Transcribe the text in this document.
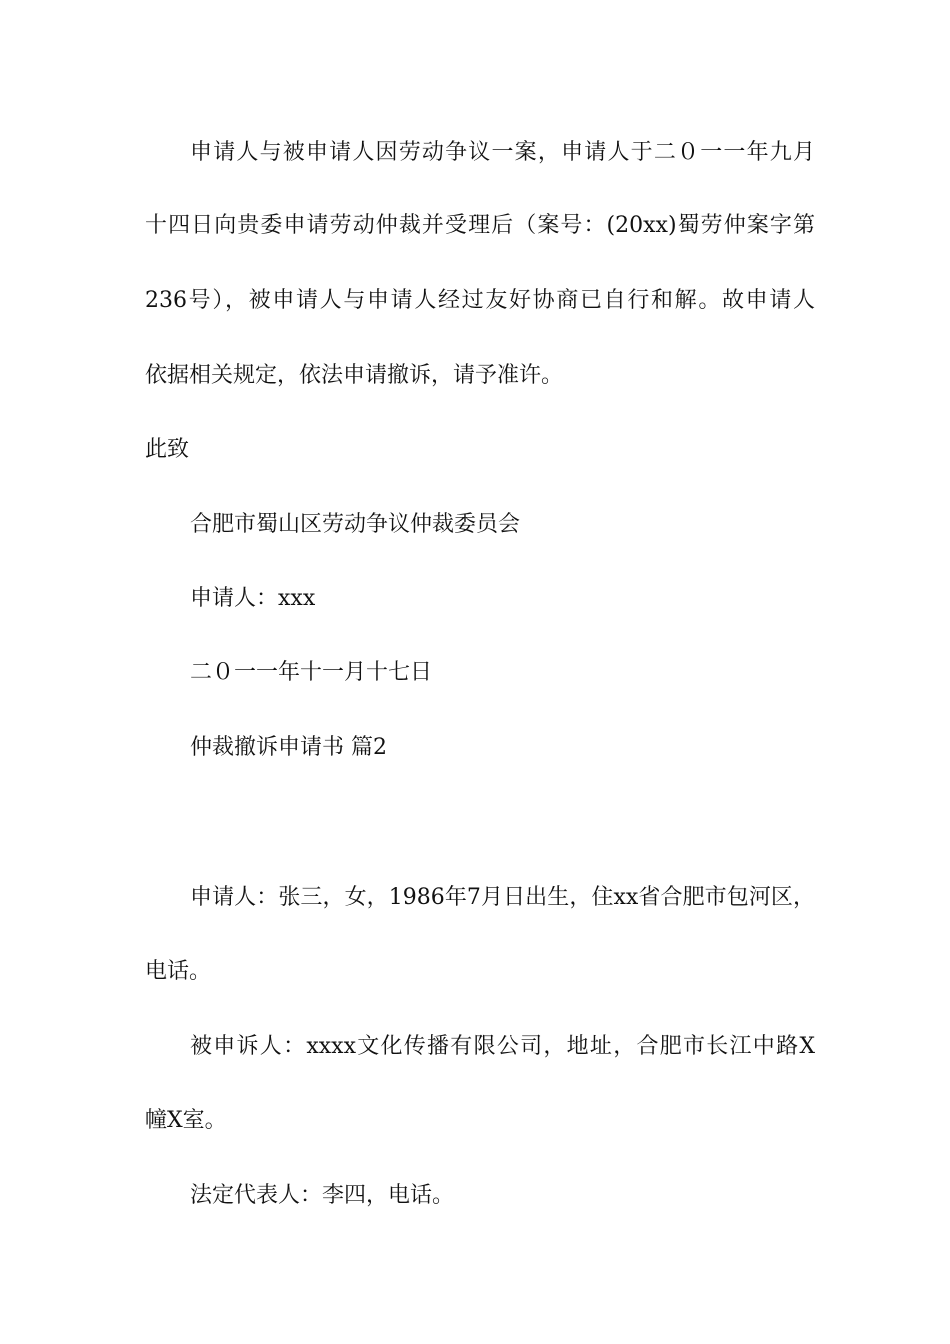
申请人与被申请人因劳动争议一案，申请人于二０一一年九月
十四日向贵委申请劳动仲裁并受理后（案号：(20xx)蜀劳仲案字第
236号），被申请人与申请人经过友好协商已自行和解。故申请人
依据相关规定，依法申请撤诉，请予准许。
此致
合肥市蜀山区劳动争议仲裁委员会
申请人：xxx
二０一一年十一月十七日
仲裁撤诉申请书 篇2
申请人：张三，女，1986年7月日出生，住xx省合肥市包河区，
电话。
被申诉人：xxxx文化传播有限公司，地址，合肥市长江中路X
幢X室。
法定代表人：李四，电话。
